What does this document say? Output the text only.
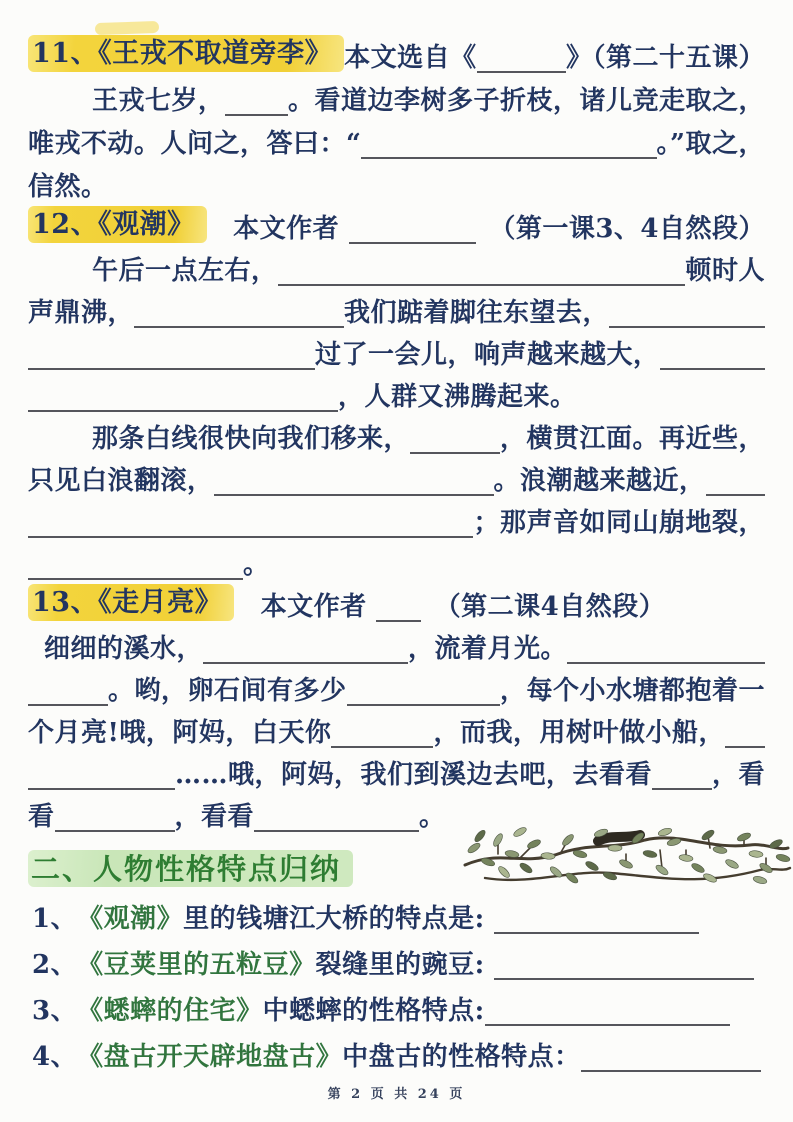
11、《王戎不取道旁李》 本文选自《	》（第二十五课）
王戎七岁， 。看道边李树多子折枝，诸儿竞走取之，
唯戎不动。人问之，答曰：“	。”取之，
信然。
12、《观潮》 　本文作者	　（第一课3、4自然段）
午后一点左右，	顿时人
声鼎沸，	我们踮着脚往东望去，
过了一会儿，响声越来越大，
，人群又沸腾起来。
那条白线很快向我们移来，	，横贯江面。再近些，
只见白浪翻滚，	。浪潮越来越近，
；那声音如同山崩地裂，
。
13、《走月亮》 　本文作者 　（第二课4自然段）
细细的溪水，	，流着月光。
。哟，卵石间有多少	，每个小水塘都抱着一
个月亮!哦，阿妈，白天你	，而我，用树叶做小船，
……哦，阿妈，我们到溪边去吧，去看看 ，看
看	，看看	。
二、人物性格特点归纳
1、 《观潮》 里的钱塘江大桥的特点是:
2、 《豆荚里的五粒豆》 裂缝里的豌豆:
3、 《蟋蟀的住宅》 中蟋蟀的性格特点:
4、 《盘古开天辟地盘古》 中盘古的性格特点：
第 2 页 共 24 页
